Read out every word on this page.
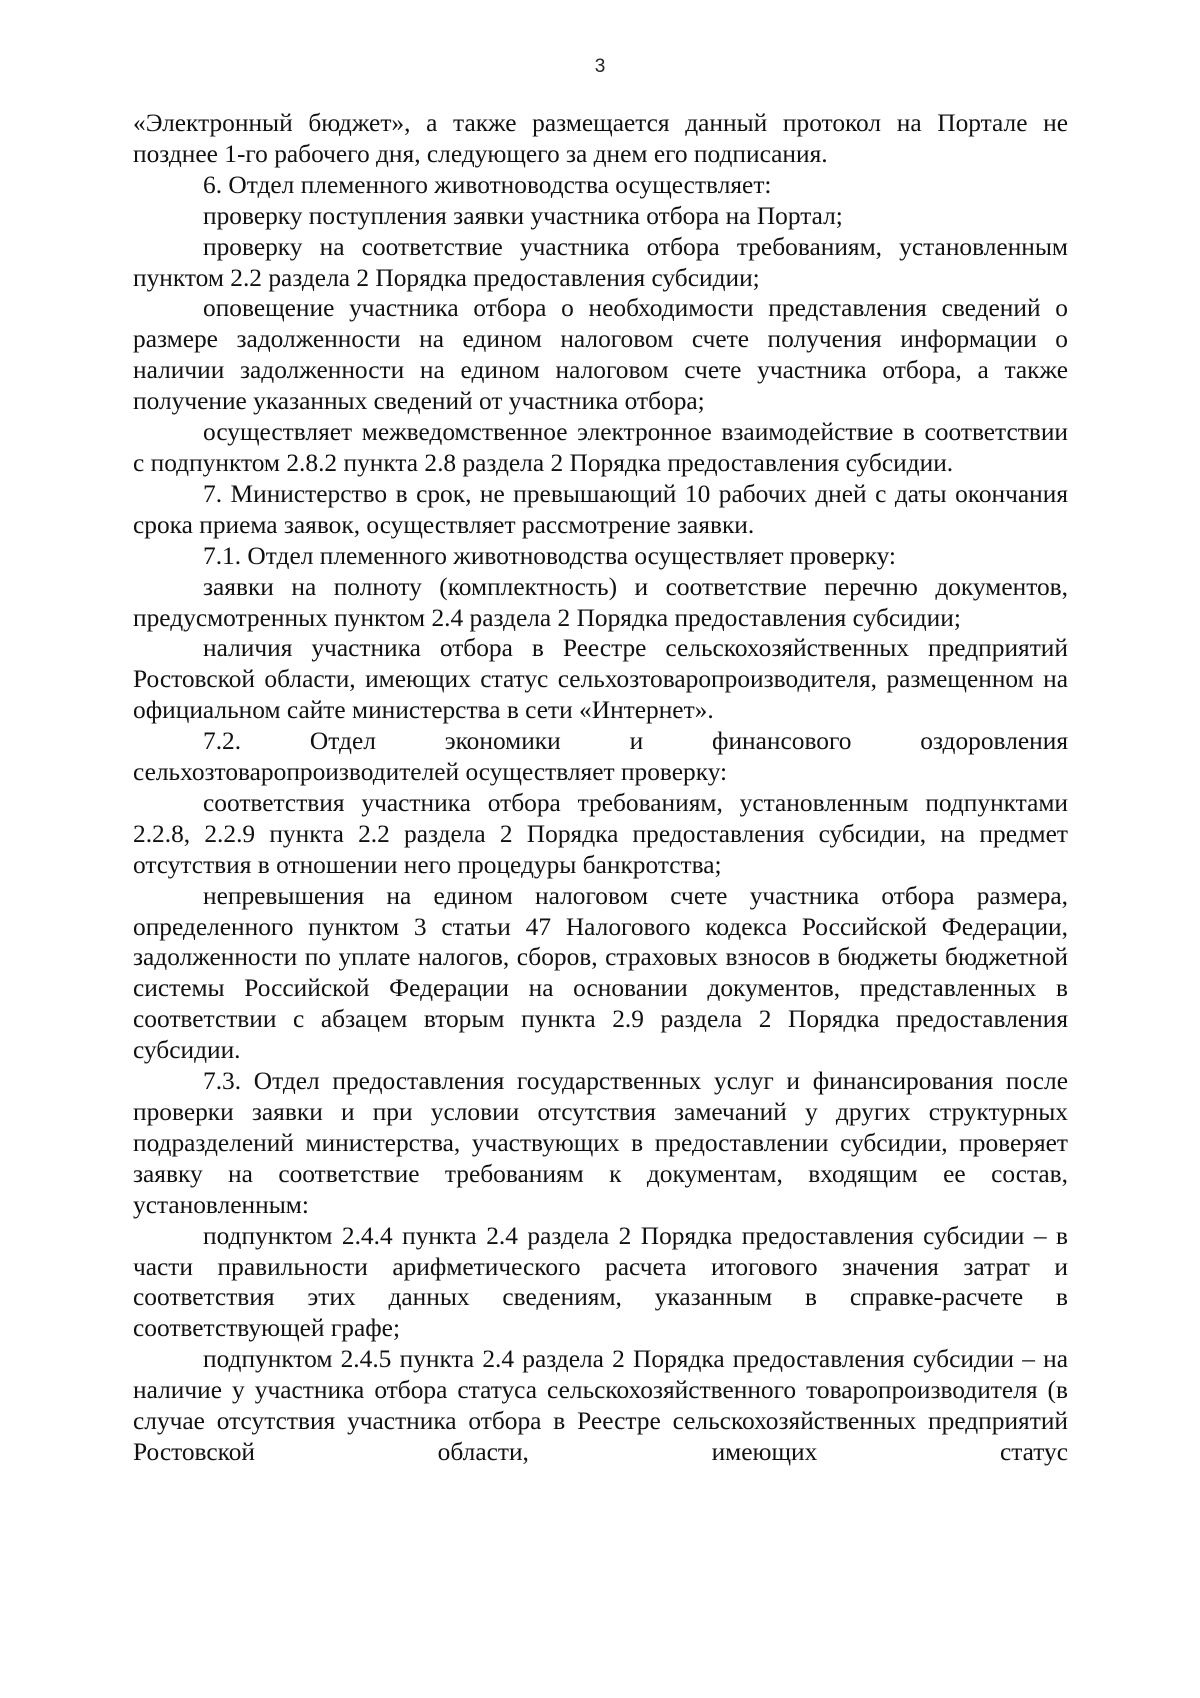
3

«Электронный бюджет», а также размещается данный протокол на Портале не позднее 1-го рабочего дня, следующего за днем его подписания.

6. Отдел племенного животноводства осуществляет:

проверку поступления заявки участника отбора на Портал;

проверку на соответствие участника отбора требованиям, установленным пунктом 2.2 раздела 2 Порядка предоставления субсидии;

оповещение участника отбора о необходимости представления сведений о размере задолженности на едином налоговом счете получения информации о наличии задолженности на едином налоговом счете участника отбора, а также получение указанных сведений от участника отбора;

осуществляет межведомственное электронное взаимодействие в соответствии с подпунктом 2.8.2 пункта 2.8 раздела 2 Порядка предоставления субсидии.

7. Министерство в срок, не превышающий 10 рабочих дней с даты окончания срока приема заявок, осуществляет рассмотрение заявки.

7.1. Отдел племенного животноводства осуществляет проверку:

заявки на полноту (комплектность) и соответствие перечню документов, предусмотренных пунктом 2.4 раздела 2 Порядка предоставления субсидии;

наличия участника отбора в Реестре сельскохозяйственных предприятий Ростовской области, имеющих статус сельхозтоваропроизводителя, размещенном на официальном сайте министерства в сети «Интернет».

7.2. Отдел экономики и финансового оздоровления сельхозтоваропроизводителей осуществляет проверку:

соответствия участника отбора требованиям, установленным подпунктами 2.2.8, 2.2.9 пункта 2.2 раздела 2 Порядка предоставления субсидии, на предмет отсутствия в отношении него процедуры банкротства;

непревышения на едином налоговом счете участника отбора размера, определенного пунктом 3 статьи 47 Налогового кодекса Российской Федерации, задолженности по уплате налогов, сборов, страховых взносов в бюджеты бюджетной системы Российской Федерации на основании документов, представленных в соответствии с абзацем вторым пункта 2.9 раздела 2 Порядка предоставления субсидии.

7.3. Отдел предоставления государственных услуг и финансирования после проверки заявки и при условии отсутствия замечаний у других структурных подразделений министерства, участвующих в предоставлении субсидии, проверяет заявку на соответствие требованиям к документам, входящим ее состав, установленным:

подпунктом 2.4.4 пункта 2.4 раздела 2 Порядка предоставления субсидии – в части правильности арифметического расчета итогового значения затрат и соответствия этих данных сведениям, указанным в справке-расчете в соответствующей графе;

подпунктом 2.4.5 пункта 2.4 раздела 2 Порядка предоставления субсидии – на наличие у участника отбора статуса сельскохозяйственного товаропроизводителя (в случае отсутствия участника отбора в Реестре сельскохозяйственных предприятий Ростовской области, имеющих статус
